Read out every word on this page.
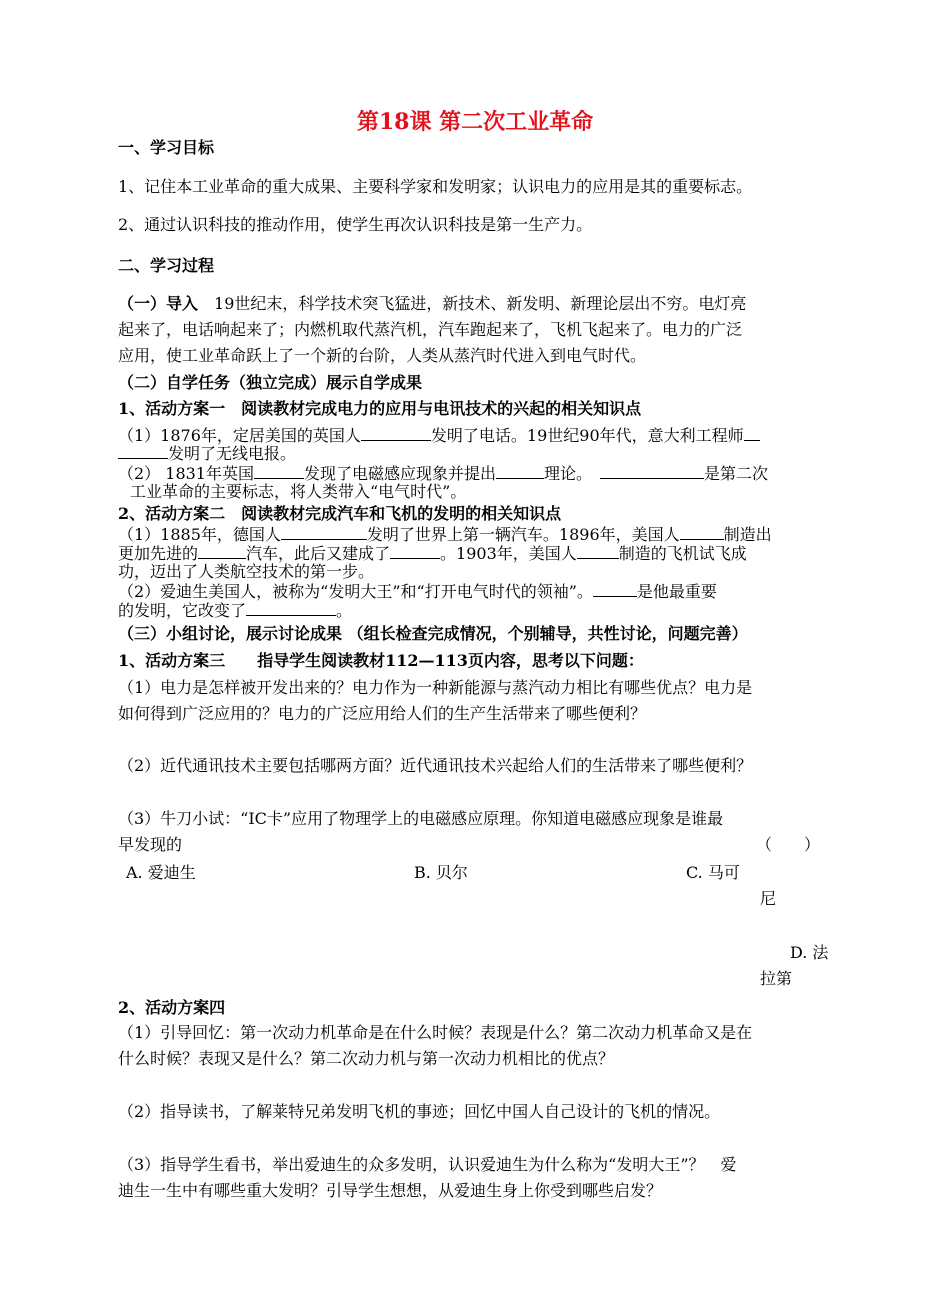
第18课 第二次工业革命

一、学习目标

1、记住本工业革命的重大成果、主要科学家和发明家；认识电力的应用是其的重要标志。

2、通过认识科技的推动作用，使学生再次认识科技是第一生产力。

二、学习过程

（一）导入　 19世纪末，科学技术突飞猛进，新技术、新发明、新理论层出不穷。电灯亮

起来了，电话响起来了；内燃机取代蒸汽机，汽车跑起来了，飞机飞起来了。电力的广泛

应用，使工业革命跃上了一个新的台阶，人类从蒸汽时代进入到电气时代。

（二）自学任务（独立完成）展示自学成果

1、活动方案一　阅读教材完成电力的应用与电讯技术的兴起的相关知识点

（1）1876年，定居美国的英国人	发明了电话。19世纪90年代，意大利工程师

发明了无线电报。

（2） 1831年英国	发现了电磁感应现象并提出	理论。　	是第二次

工业革命的主要标志，将人类带入“电气时代”。

2、活动方案二　阅读教材完成汽车和飞机的发明的相关知识点

（1）1885年，德国人	发明了世界上第一辆汽车。1896年，美国人	制造出

更加先进的	汽车，此后又建成了	。1903年，美国人	制造的飞机试飞成

功，迈出了人类航空技术的第一步。

（2）爱迪生美国人，被称为“发明大王”和“打开电气时代的领袖”。	是他最重要

的发明，它改变了	。

（三）小组讨论，展示讨论成果 （组长检查完成情况，个别辅导，共性讨论，问题完善）

1、活动方案三　　指导学生阅读教材112—113页内容，思考以下问题：

（1）电力是怎样被开发出来的？电力作为一种新能源与蒸汽动力相比有哪些优点？电力是

如何得到广泛应用的？电力的广泛应用给人们的生产生活带来了哪些便利？

（2）近代通讯技术主要包括哪两方面？近代通讯技术兴起给人们的生活带来了哪些便利？

（3）牛刀小试：“IC卡”应用了物理学上的电磁感应原理。你知道电磁感应现象是谁最

早发现的	（　　）
A. 爱迪生	B. 贝尔	C. 马可
尼
D. 法
拉第

2、活动方案四

（1）引导回忆：第一次动力机革命是在什么时候？表现是什么？第二次动力机革命又是在

什么时候？表现又是什么？第二次动力机与第一次动力机相比的优点？

（2）指导读书，了解莱特兄弟发明飞机的事迹；回忆中国人自己设计的飞机的情况。

（3）指导学生看书，举出爱迪生的众多发明，认识爱迪生为什么称为“发明大王”？　爱

迪生一生中有哪些重大发明？引导学生想想，从爱迪生身上你受到哪些启发？
